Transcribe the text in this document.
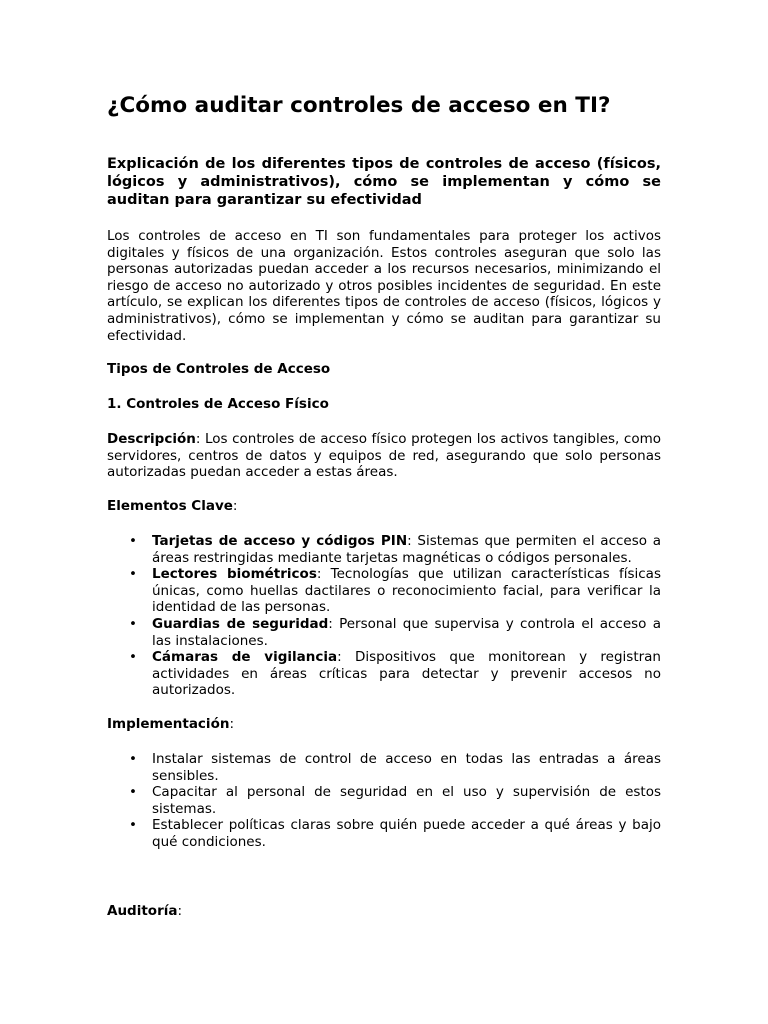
¿Cómo auditar controles de acceso en TI?

Explicación de los diferentes tipos de controles de acceso (físicos, lógicos y administrativos), cómo se implementan y cómo se auditan para garantizar su efectividad

Los controles de acceso en TI son fundamentales para proteger los activos digitales y físicos de una organización. Estos controles aseguran que solo las personas autorizadas puedan acceder a los recursos necesarios, minimizando el riesgo de acceso no autorizado y otros posibles incidentes de seguridad. En este artículo, se explican los diferentes tipos de controles de acceso (físicos, lógicos y administrativos), cómo se implementan y cómo se auditan para garantizar su efectividad.

Tipos de Controles de Acceso

1. Controles de Acceso Físico

Descripción: Los controles de acceso físico protegen los activos tangibles, como servidores, centros de datos y equipos de red, asegurando que solo personas autorizadas puedan acceder a estas áreas.

Elementos Clave:

• Tarjetas de acceso y códigos PIN: Sistemas que permiten el acceso a áreas restringidas mediante tarjetas magnéticas o códigos personales.
• Lectores biométricos: Tecnologías que utilizan características físicas únicas, como huellas dactilares o reconocimiento facial, para verificar la identidad de las personas.
• Guardias de seguridad: Personal que supervisa y controla el acceso a las instalaciones.
• Cámaras de vigilancia: Dispositivos que monitorean y registran actividades en áreas críticas para detectar y prevenir accesos no autorizados.

Implementación:

• Instalar sistemas de control de acceso en todas las entradas a áreas sensibles.
• Capacitar al personal de seguridad en el uso y supervisión de estos sistemas.
• Establecer políticas claras sobre quién puede acceder a qué áreas y bajo qué condiciones.

Auditoría:
